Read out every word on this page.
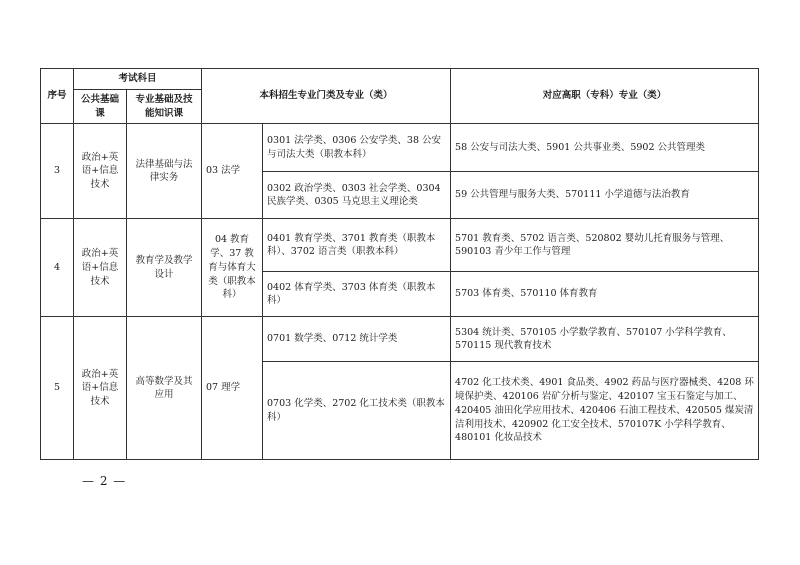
序号	考试科目		本科招生专业门类及专业（类）		对应高职（专科）专业（类）
	公共基础课	专业基础及技能知识课			
3	政治+英语+信息技术	法律基础与法律实务	03 法学	0301 法学类、0306 公安学类、38 公安与司法大类（职教本科）	58 公安与司法大类、5901 公共事业类、5902 公共管理类
				0302 政治学类、0303 社会学类、0304 民族学类、0305 马克思主义理论类	59 公共管理与服务大类、570111 小学道德与法治教育
4	政治+英语+信息技术	教育学及教学设计	04 教育学、37 教育与体育大类（职教本科）	0401 教育学类、3701 教育类（职教本科）、3702 语言类（职教本科）	5701 教育类、5702 语言类、520802 婴幼儿托育服务与管理、590103 青少年工作与管理
				0402 体育学类、3703 体育类（职教本科）	5703 体育类、570110 体育教育
5	政治+英语+信息技术	高等数学及其应用	07 理学	0701 数学类、0712 统计学类	5304 统计类、570105 小学数学教育、570107 小学科学教育、570115 现代教育技术
				0703 化学类、2702 化工技术类（职教本科）	4702 化工技术类、4901 食品类、4902 药品与医疗器械类、4208 环境保护类、420106 岩矿分析与鉴定、420107 宝玉石鉴定与加工、420405 油田化学应用技术、420406 石油工程技术、420505 煤炭清洁利用技术、420902 化工安全技术、570107K 小学科学教育、480101 化妆品技术
— 2 —
